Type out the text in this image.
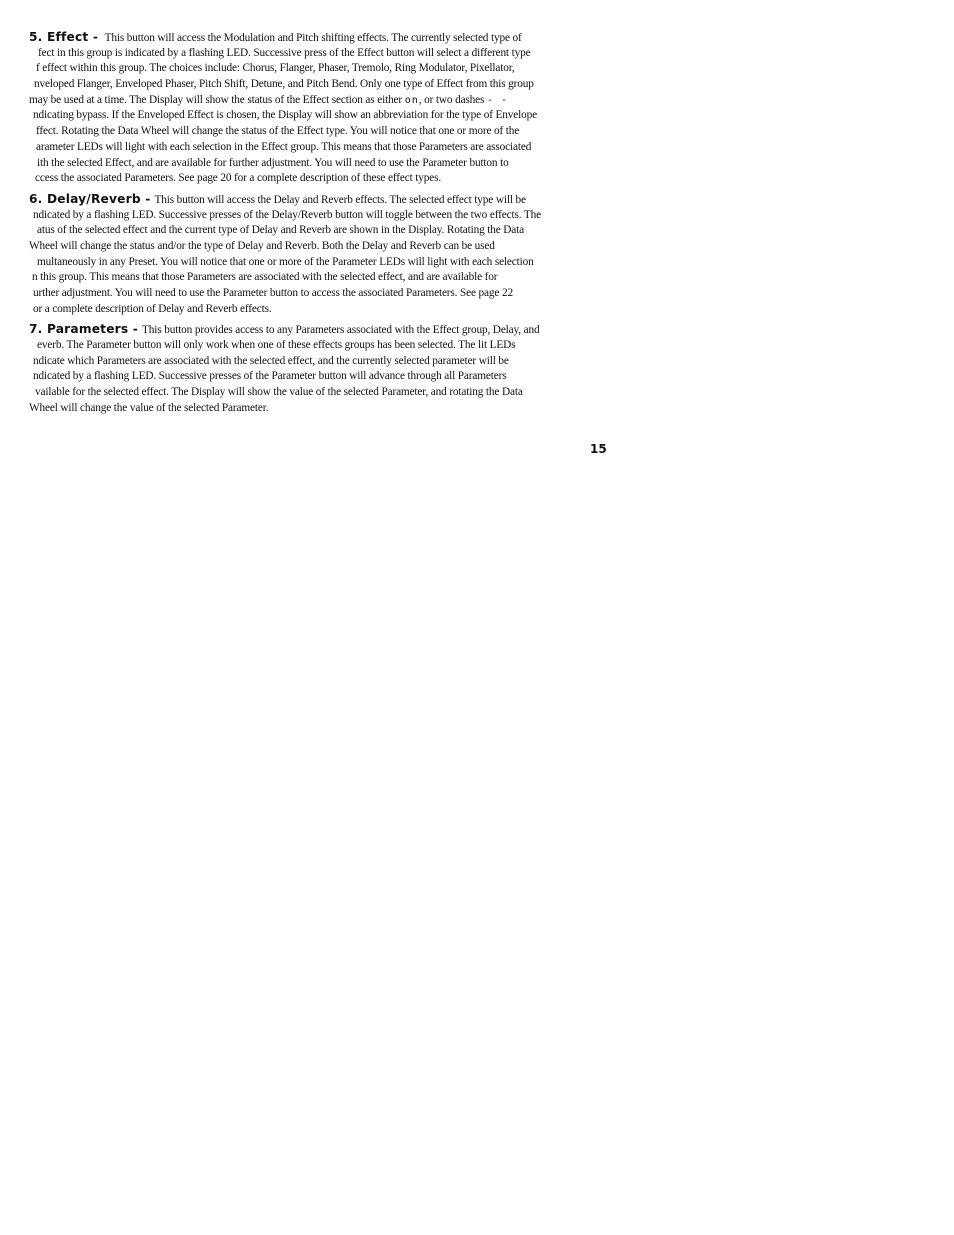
5. Effect - This button will access the Modulation and Pitch shifting effects. The currently selected type of
fect in this group is indicated by a flashing LED. Successive press of the Effect button will select a different type
f effect within this group. The choices include: Chorus, Flanger, Phaser, Tremolo, Ring Modulator, Pixellator,
nveloped Flanger, Enveloped Phaser, Pitch Shift, Detune, and Pitch Bend. Only one type of Effect from this group
may be used at a time. The Display will show the status of the Effect section as either on, or two dashes - -
ndicating bypass. If the Enveloped Effect is chosen, the Display will show an abbreviation for the type of Envelope
ffect. Rotating the Data Wheel will change the status of the Effect type. You will notice that one or more of the
arameter LEDs will light with each selection in the Effect group. This means that those Parameters are associated
ith the selected Effect, and are available for further adjustment. You will need to use the Parameter button to
ccess the associated Parameters. See page 20 for a complete description of these effect types.
6. Delay/Reverb - This button will access the Delay and Reverb effects. The selected effect type will be
ndicated by a flashing LED. Successive presses of the Delay/Reverb button will toggle between the two effects. The
atus of the selected effect and the current type of Delay and Reverb are shown in the Display. Rotating the Data
Wheel will change the status and/or the type of Delay and Reverb. Both the Delay and Reverb can be used
multaneously in any Preset. You will notice that one or more of the Parameter LEDs will light with each selection
n this group. This means that those Parameters are associated with the selected effect, and are available for
urther adjustment. You will need to use the Parameter button to access the associated Parameters. See page 22
or a complete description of Delay and Reverb effects.
7. Parameters - This button provides access to any Parameters associated with the Effect group, Delay, and
everb. The Parameter button will only work when one of these effects groups has been selected. The lit LEDs
ndicate which Parameters are associated with the selected effect, and the currently selected parameter will be
ndicated by a flashing LED. Successive presses of the Parameter button will advance through all Parameters
vailable for the selected effect. The Display will show the value of the selected Parameter, and rotating the Data
Wheel will change the value of the selected Parameter.
15
